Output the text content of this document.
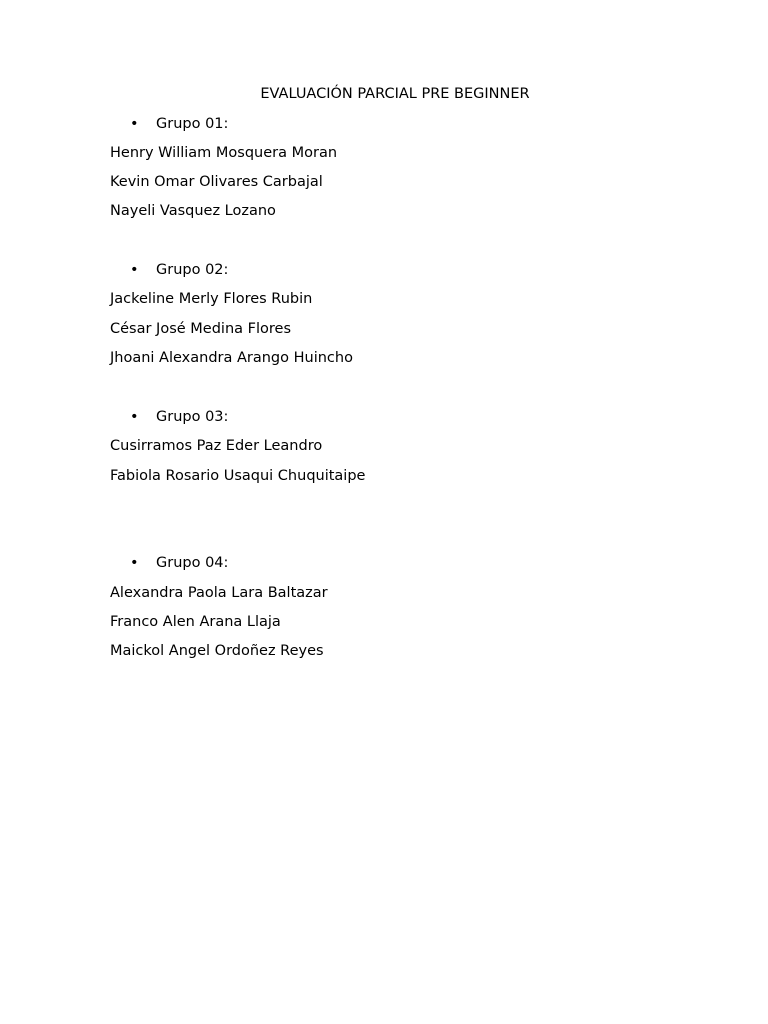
EVALUACIÓN PARCIAL PRE BEGINNER
• Grupo 01:
Henry William Mosquera Moran
Kevin Omar Olivares Carbajal
Nayeli Vasquez Lozano
• Grupo 02:
Jackeline Merly Flores Rubin
César José Medina Flores
Jhoani Alexandra Arango Huincho
• Grupo 03:
Cusirramos Paz Eder Leandro
Fabiola Rosario Usaqui Chuquitaipe
• Grupo 04:
Alexandra Paola Lara Baltazar
Franco Alen Arana Llaja
Maickol Angel Ordoñez Reyes
